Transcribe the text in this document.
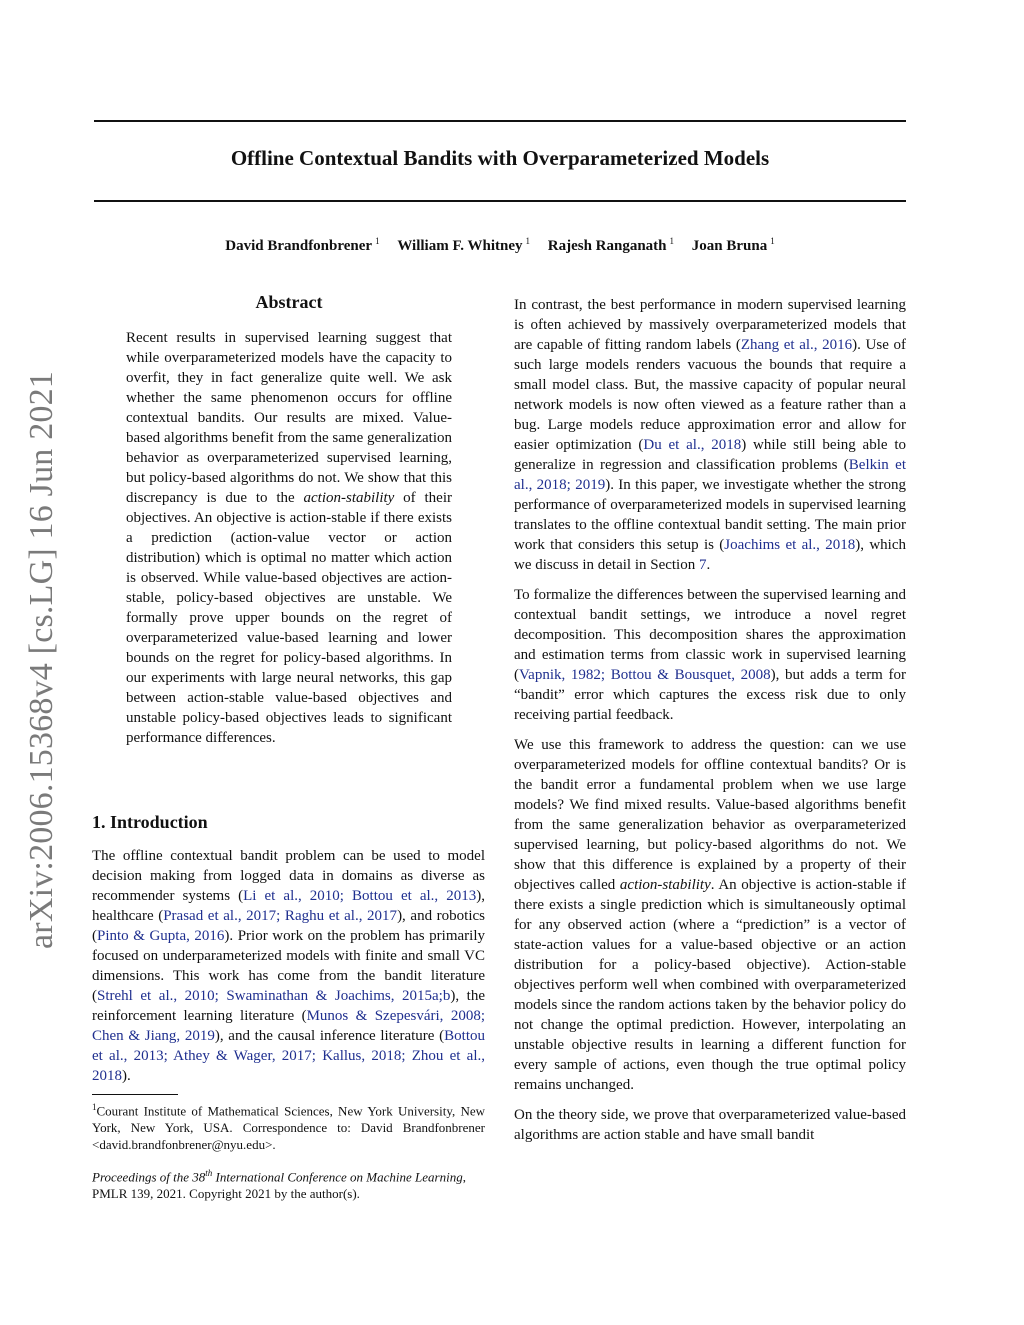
Offline Contextual Bandits with Overparameterized Models
David Brandfonbrener $^1$ William F. Whitney $^1$ Rajesh Ranganath $^1$ Joan Bruna $^1$
arXiv:2006.15368v4 [cs.LG] 16 Jun 2021
Abstract
Recent results in supervised learning suggest that while overparameterized models have the capacity to overfit, they in fact generalize quite well. We ask whether the same phenomenon occurs for offline contextual bandits. Our results are mixed. Value-based algorithms benefit from the same generalization behavior as overparameterized supervised learning, but policy-based algorithms do not. We show that this discrepancy is due to the action-stability of their objectives. An objective is action-stable if there exists a prediction (action-value vector or action distribution) which is optimal no matter which action is observed. While value-based objectives are action-stable, policy-based objectives are unstable. We formally prove upper bounds on the regret of overparameterized value-based learning and lower bounds on the regret for policy-based algorithms. In our experiments with large neural networks, this gap between action-stable value-based objectives and unstable policy-based objectives leads to significant performance differences.
1. Introduction
The offline contextual bandit problem can be used to model decision making from logged data in domains as diverse as recommender systems (Li et al., 2010; Bottou et al., 2013), healthcare (Prasad et al., 2017; Raghu et al., 2017), and robotics (Pinto & Gupta, 2016). Prior work on the problem has primarily focused on underparameterized models with finite and small VC dimensions. This work has come from the bandit literature (Strehl et al., 2010; Swaminathan & Joachims, 2015a;b), the reinforcement learning literature (Munos & Szepesvári, 2008; Chen & Jiang, 2019), and the causal inference literature (Bottou et al., 2013; Athey & Wager, 2017; Kallus, 2018; Zhou et al., 2018).
$^1$Courant Institute of Mathematical Sciences, New York University, New York, New York, USA. Correspondence to: David Brandfonbrener <david.brandfonbrener@nyu.edu>.
Proceedings of the 38th International Conference on Machine Learning, PMLR 139, 2021. Copyright 2021 by the author(s).

In contrast, the best performance in modern supervised learning is often achieved by massively overparameterized models that are capable of fitting random labels (Zhang et al., 2016). Use of such large models renders vacuous the bounds that require a small model class. But, the massive capacity of popular neural network models is now often viewed as a feature rather than a bug. Large models reduce approximation error and allow for easier optimization (Du et al., 2018) while still being able to generalize in regression and classification problems (Belkin et al., 2018; 2019). In this paper, we investigate whether the strong performance of overparameterized models in supervised learning translates to the offline contextual bandit setting. The main prior work that considers this setup is (Joachims et al., 2018), which we discuss in detail in Section 7.

To formalize the differences between the supervised learning and contextual bandit settings, we introduce a novel regret decomposition. This decomposition shares the approximation and estimation terms from classic work in supervised learning (Vapnik, 1982; Bottou & Bousquet, 2008), but adds a term for “bandit” error which captures the excess risk due to only receiving partial feedback.

We use this framework to address the question: can we use overparameterized models for offline contextual bandits? Or is the bandit error a fundamental problem when we use large models? We find mixed results. Value-based algorithms benefit from the same generalization behavior as overparameterized supervised learning, but policy-based algorithms do not. We show that this difference is explained by a property of their objectives called action-stability. An objective is action-stable if there exists a single prediction which is simultaneously optimal for any observed action (where a “prediction” is a vector of state-action values for a value-based objective or an action distribution for a policy-based objective). Action-stable objectives perform well when combined with overparameterized models since the random actions taken by the behavior policy do not change the optimal prediction. However, interpolating an unstable objective results in learning a different function for every sample of actions, even though the true optimal policy remains unchanged.

On the theory side, we prove that overparameterized value-based algorithms are action stable and have small bandit
